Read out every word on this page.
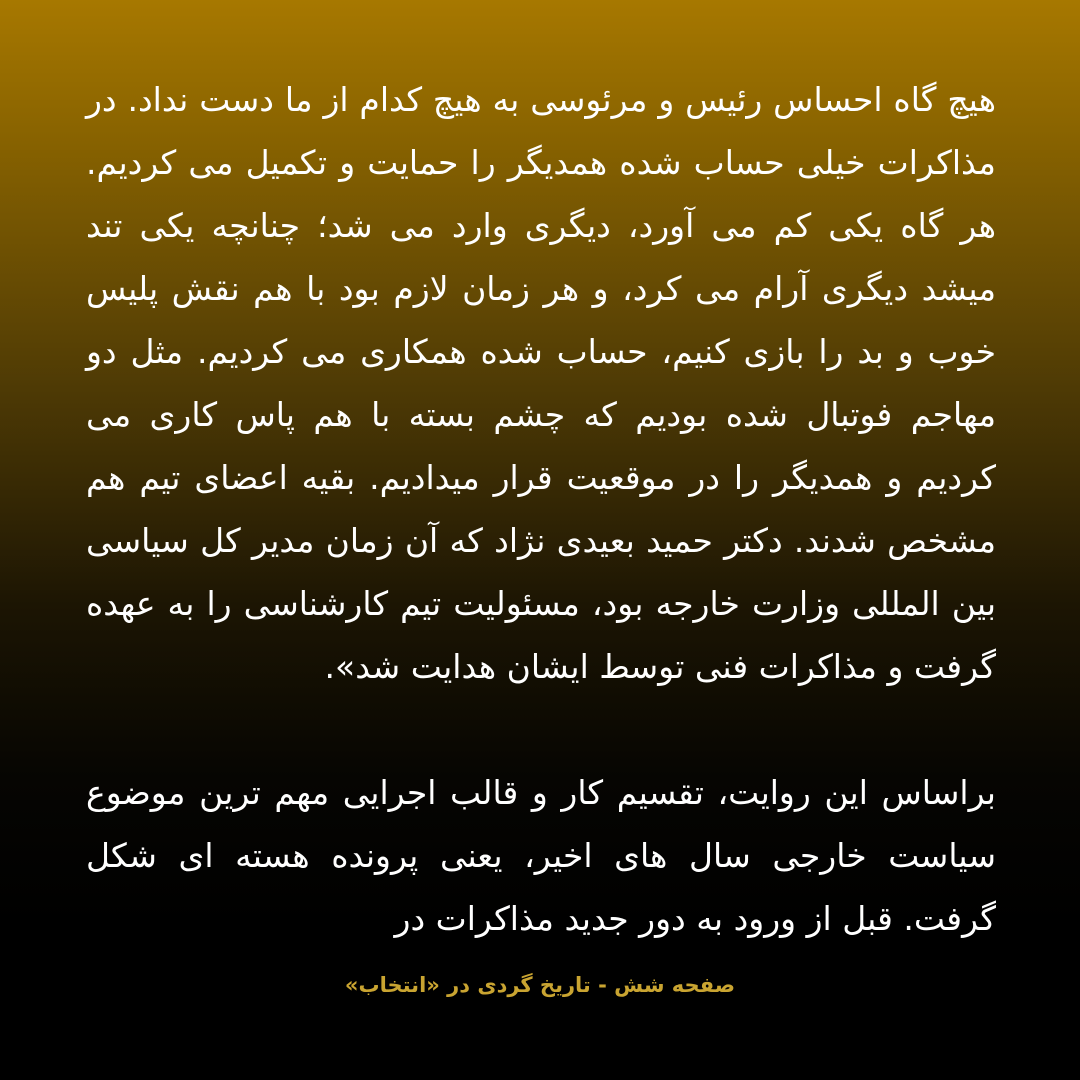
هیچ گاه احساس رئیس و مرئوسی به هیچ کدام از ما دست نداد. در مذاکرات خیلی حساب شده همدیگر را حمایت و تکمیل می کردیم. هر گاه یکی کم می آورد، دیگری وارد می شد؛ چنانچه یکی تند میشد دیگری آرام می کرد، و هر زمان لازم بود با هم نقش پلیس خوب و بد را بازی کنیم، حساب شده همکاری می کردیم. مثل دو مهاجم فوتبال شده بودیم که چشم بسته با هم پاس کاری می کردیم و همدیگر را در موقعیت قرار میدادیم. بقیه اعضای تیم هم مشخص شدند. دکتر حمید بعیدی نژاد که آن زمان مدیر کل سیاسی بین المللی وزارت خارجه بود، مسئولیت تیم کارشناسی را به عهده گرفت و مذاکرات فنی توسط ایشان هدایت شد».

براساس این روایت، تقسیم کار و قالب اجرایی مهم ترین موضوع سیاست خارجی سال های اخیر، یعنی پرونده هسته ای شکل گرفت. قبل از ورود به دور جدید مذاکرات در

صفحه شش - تاریخ گردی در «انتخاب»
